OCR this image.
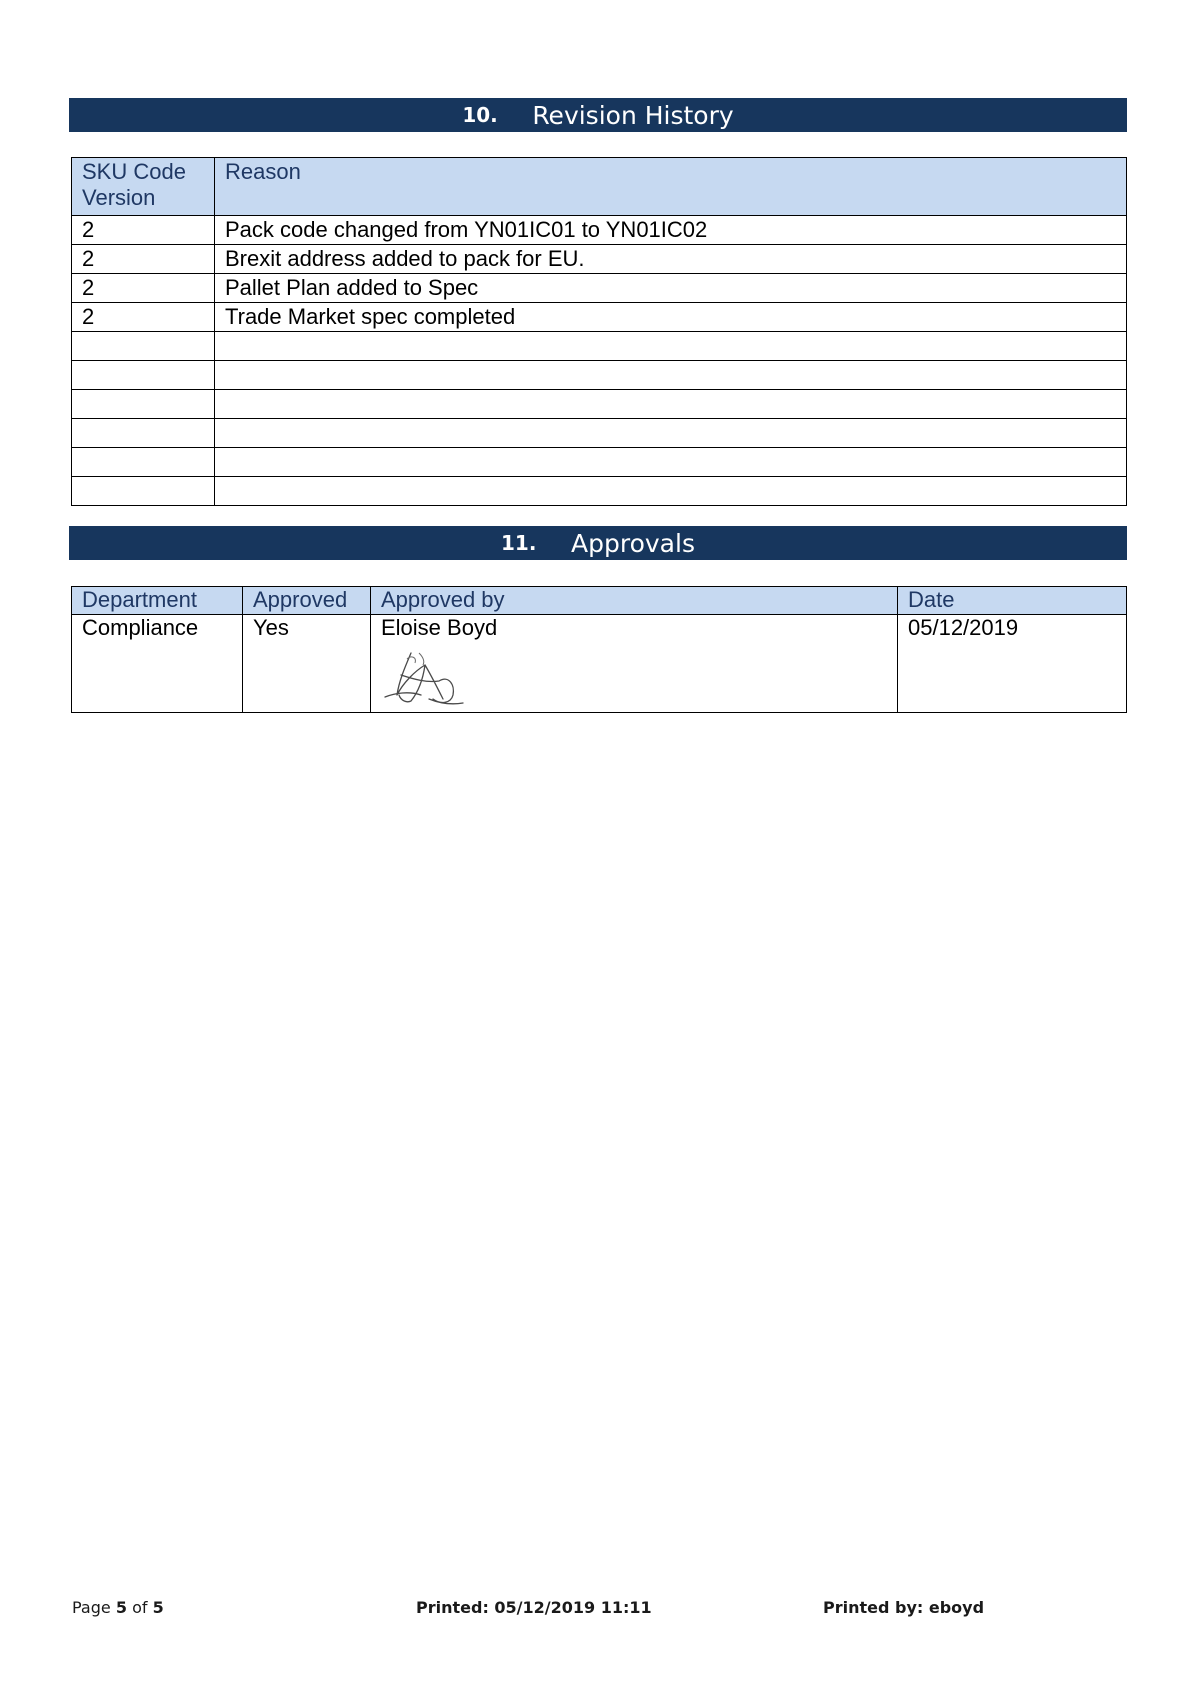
10.	Revision History
SKU Code Version	Reason
2	Pack code changed from YN01IC01 to YN01IC02
2	Brexit address added to pack for EU.
2	Pallet Plan added to Spec
2	Trade Market spec completed

11.	Approvals
Department	Approved	Approved by	Date
Compliance	Yes	Eloise Boyd	05/12/2019
Page 5 of 5	Printed: 05/12/2019 11:11	Printed by: eboyd
